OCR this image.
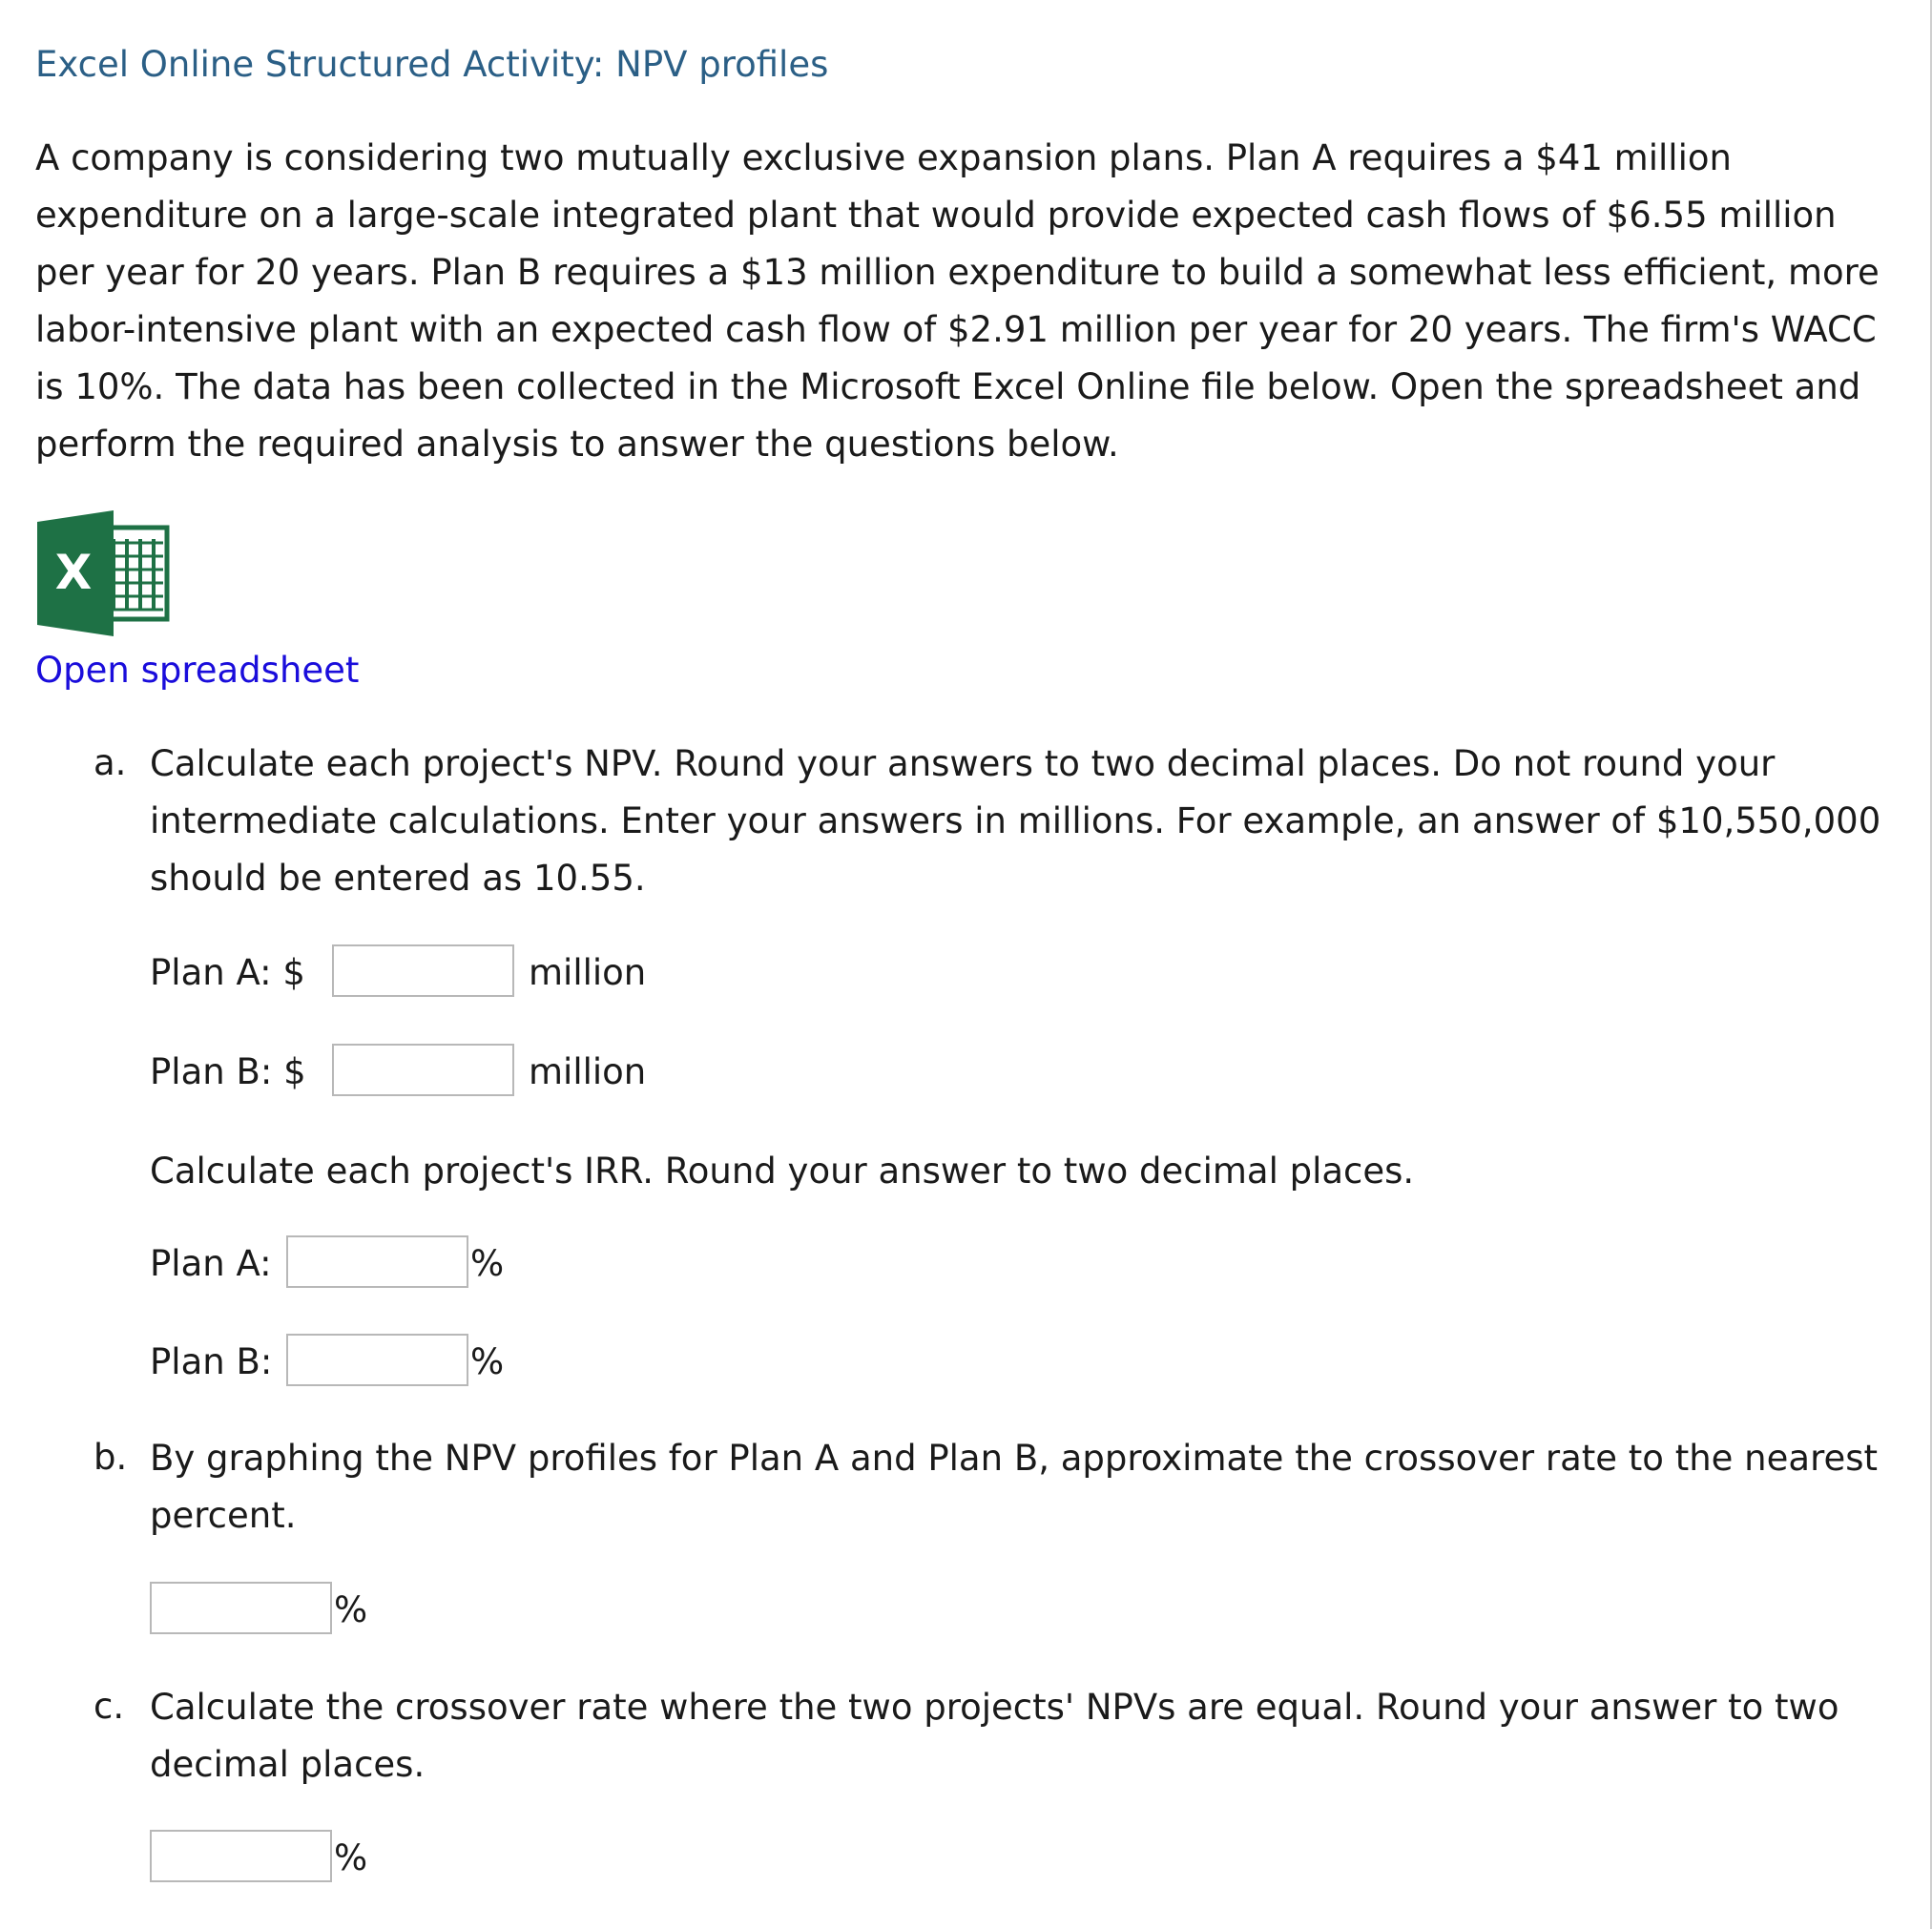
Excel Online Structured Activity: NPV profiles
A company is considering two mutually exclusive expansion plans. Plan A requires a $41 million expenditure on a large-scale integrated plant that would provide expected cash flows of $6.55 million per year for 20 years. Plan B requires a $13 million expenditure to build a somewhat less efficient, more labor-intensive plant with an expected cash flow of $2.91 million per year for 20 years. The firm's WACC is 10%. The data has been collected in the Microsoft Excel Online file below. Open the spreadsheet and perform the required analysis to answer the questions below.
X
Open spreadsheet
a. Calculate each project's NPV. Round your answers to two decimal places. Do not round your intermediate calculations. Enter your answers in millions. For example, an answer of $10,550,000 should be entered as 10.55.
Plan A: $	million
Plan B: $	million
Calculate each project's IRR. Round your answer to two decimal places.
Plan A:	%
Plan B:	%
b. By graphing the NPV profiles for Plan A and Plan B, approximate the crossover rate to the nearest percent.
%
c. Calculate the crossover rate where the two projects' NPVs are equal. Round your answer to two decimal places.
%
